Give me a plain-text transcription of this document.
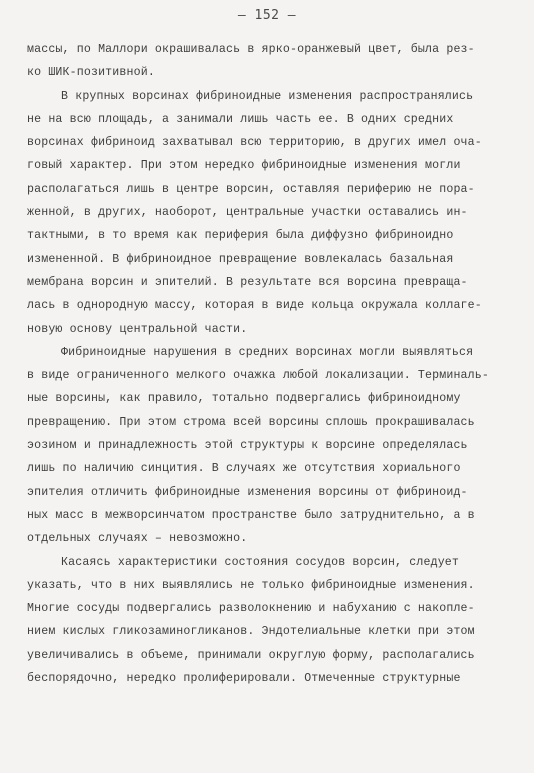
– 152 –
массы, по Маллори окрашивалась в ярко-оранжевый цвет, была рез-
ко ШИК-позитивной.
В крупных ворсинах фибриноидные изменения распространялись
не на всю площадь, а занимали лишь часть ее. В одних средних
ворсинах фибриноид захватывал всю территорию, в других имел оча-
говый характер. При этом нередко фибриноидные изменения могли
располагаться лишь в центре ворсин, оставляя периферию не пора-
женной, в других, наоборот, центральные участки оставались ин-
тактными, в то время как периферия была диффузно фибриноидно
измененной. В фибриноидное превращение вовлекалась базальная
мембрана ворсин и эпителий. В результате вся ворсина превраща-
лась в однородную массу, которая в виде кольца окружала коллаге-
новую основу центральной части.
Фибриноидные нарушения в средних ворсинах могли выявляться
в виде ограниченного мелкого очажка любой локализации. Терминаль-
ные ворсины, как правило, тотально подвергались фибриноидному
превращению. При этом строма всей ворсины сплошь прокрашивалась
эозином и принадлежность этой структуры к ворсине определялась
лишь по наличию синцития. В случаях же отсутствия хориального
эпителия отличить фибриноидные изменения ворсины от фибриноид-
ных масс в межворсинчатом пространстве было затруднительно, а в
отдельных случаях – невозможно.
Касаясь характеристики состояния сосудов ворсин, следует
указать, что в них выявлялись не только фибриноидные изменения.
Многие сосуды подвергались разволокнению и набуханию с накопле-
нием кислых гликозаминогликанов. Эндотелиальные клетки при этом
увеличивались в объеме, принимали округлую форму, располагались
беспорядочно, нередко пролиферировали. Отмеченные структурные
